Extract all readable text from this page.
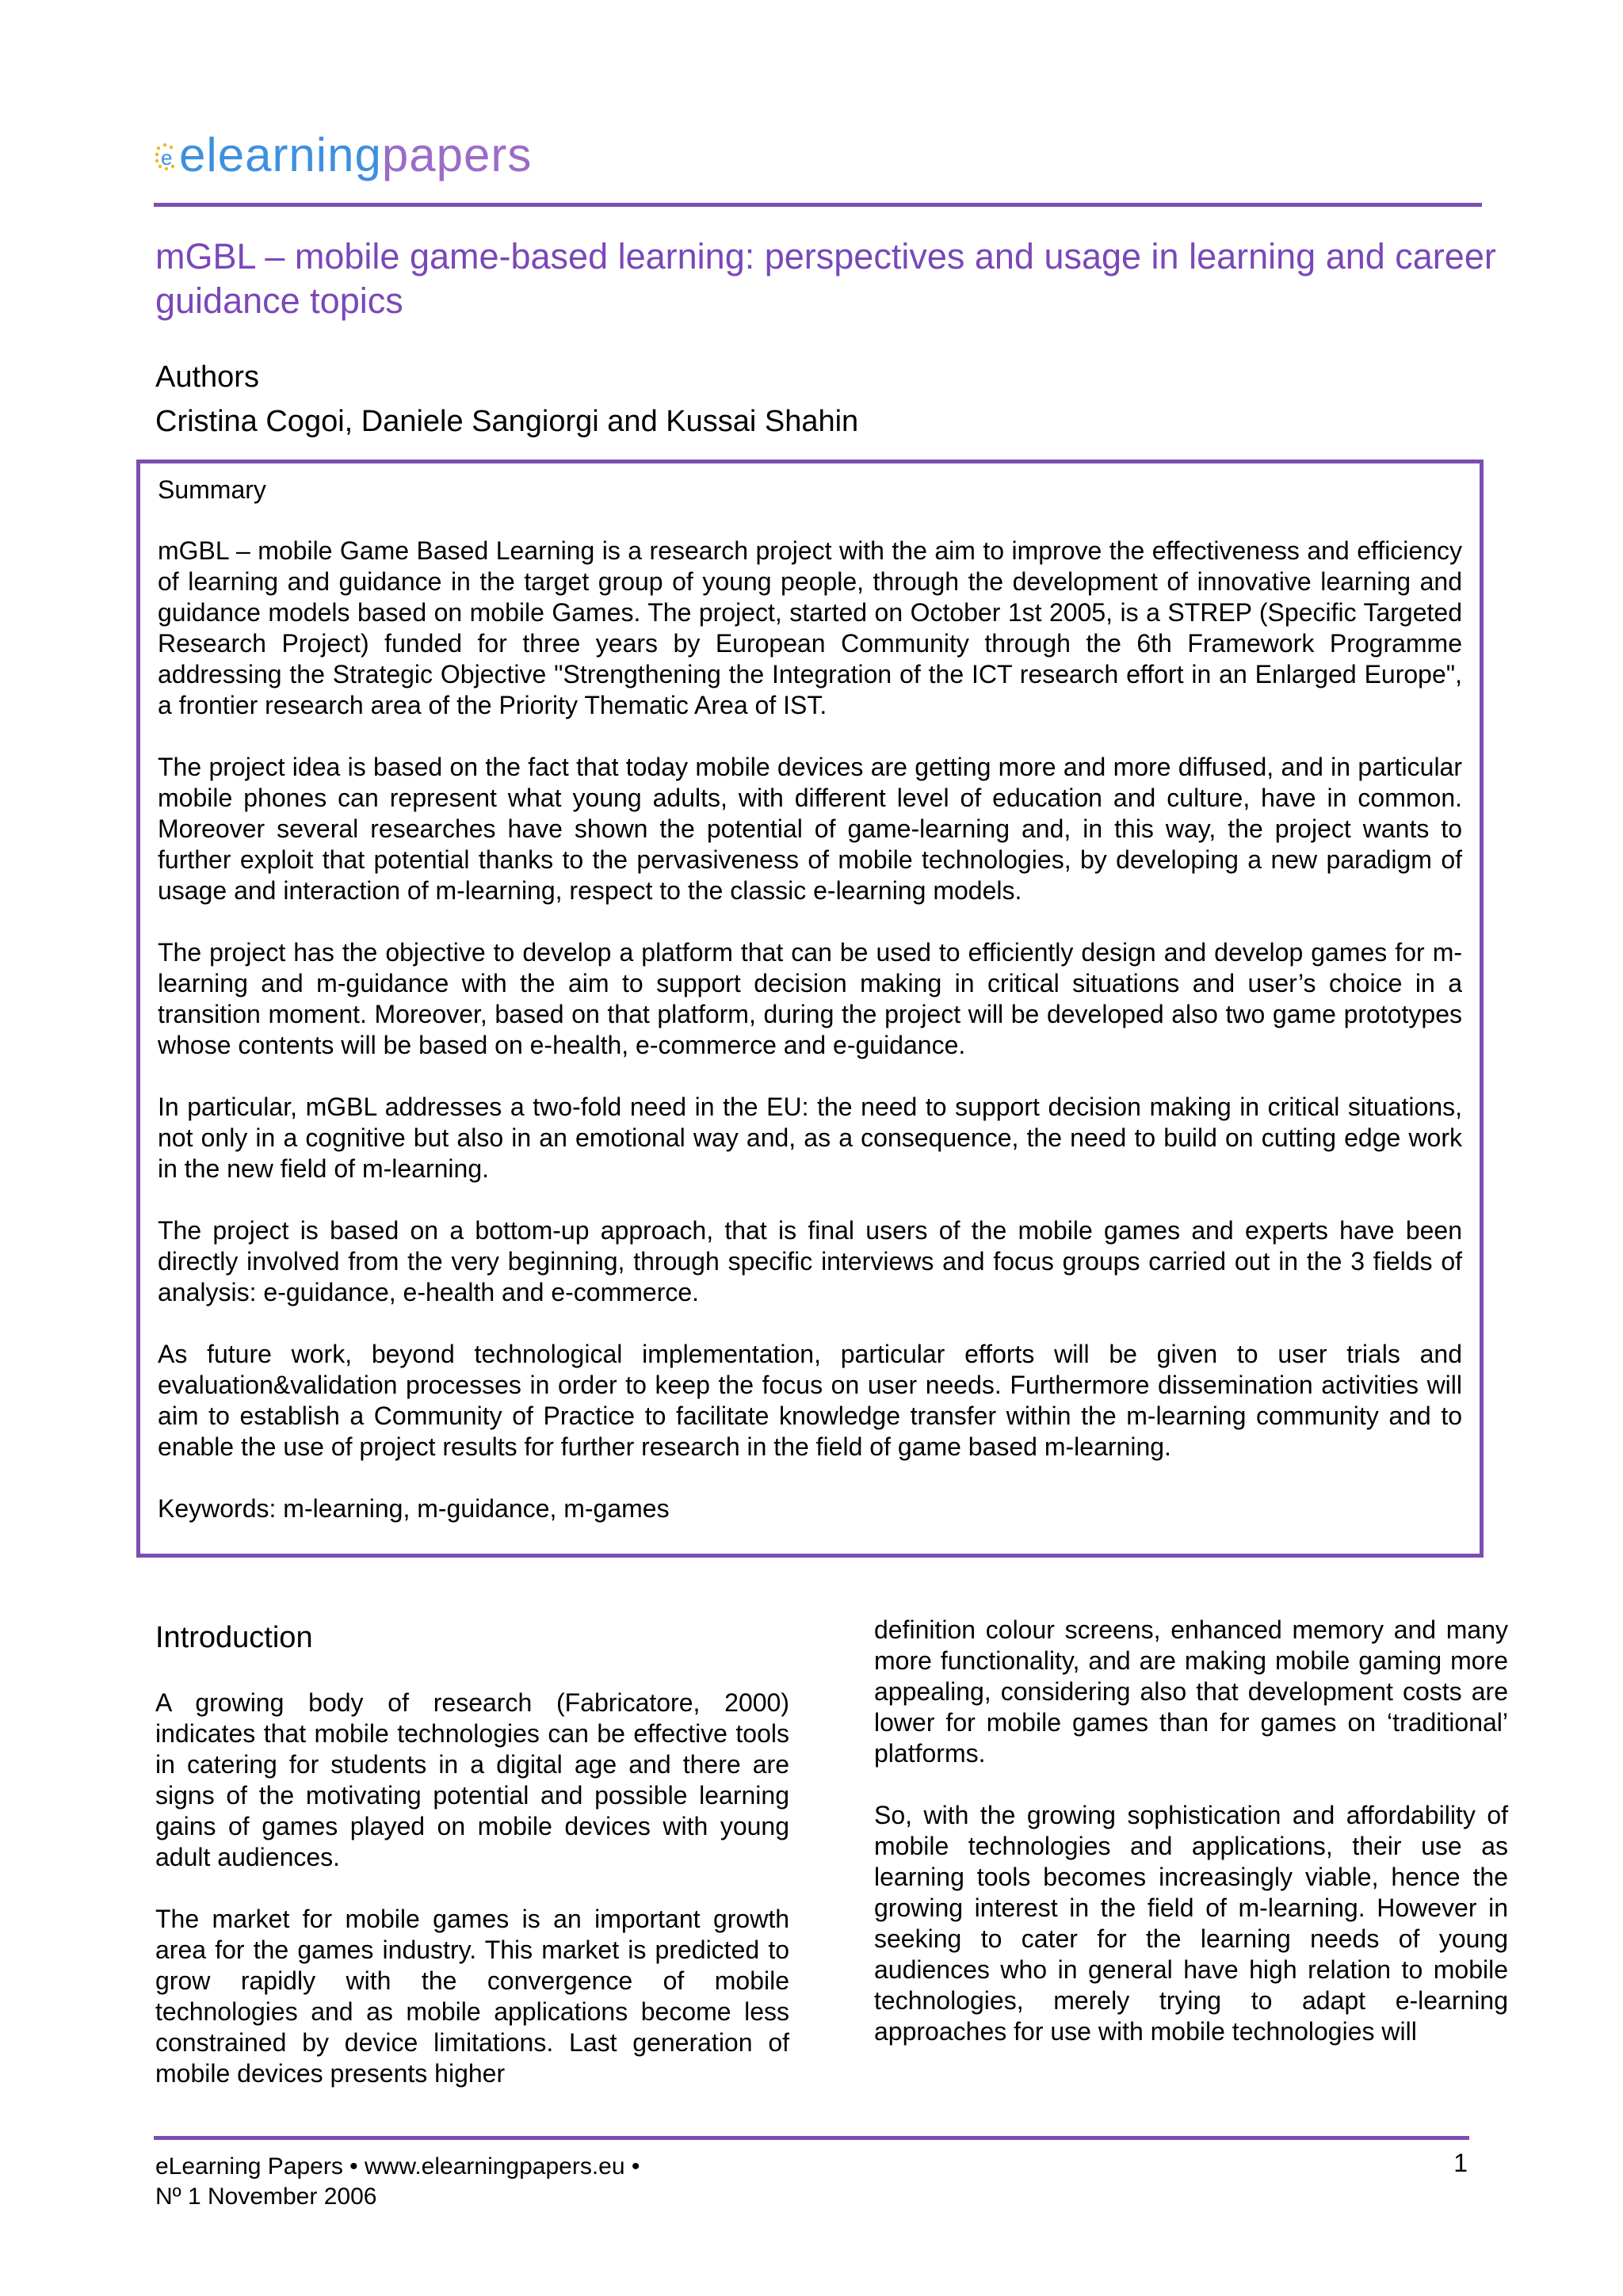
e elearning papers
mGBL – mobile game-based learning: perspectives and usage in learning and career guidance topics
Authors
Cristina Cogoi, Daniele Sangiorgi and Kussai Shahin
Summary

mGBL – mobile Game Based Learning is a research project with the aim to improve the effectiveness and efficiency of learning and guidance in the target group of young people, through the development of innovative learning and guidance models based on mobile Games. The project, started on October 1st 2005, is a STREP (Specific Targeted Research Project) funded for three years by European Community through the 6th Framework Programme addressing the Strategic Objective "Strengthening the Integration of the ICT research effort in an Enlarged Europe", a frontier research area of the Priority Thematic Area of IST.

The project idea is based on the fact that today mobile devices are getting more and more diffused, and in particular mobile phones can represent what young adults, with different level of education and culture, have in common. Moreover several researches have shown the potential of game-learning and, in this way, the project wants to further exploit that potential thanks to the pervasiveness of mobile technologies, by developing a new paradigm of usage and interaction of m-learning, respect to the classic e-learning models.

The project has the objective to develop a platform that can be used to efficiently design and develop games for m-learning and m-guidance with the aim to support decision making in critical situations and user’s choice in a transition moment. Moreover, based on that platform, during the project will be developed also two game prototypes whose contents will be based on e-health, e-commerce and e-guidance.

In particular, mGBL addresses a two-fold need in the EU: the need to support decision making in critical situations, not only in a cognitive but also in an emotional way and, as a consequence, the need to build on cutting edge work in the new field of m-learning.

The project is based on a bottom-up approach, that is final users of the mobile games and experts have been directly involved from the very beginning, through specific interviews and focus groups carried out in the 3 fields of analysis: e-guidance, e-health and e-commerce.

As future work, beyond technological implementation, particular efforts will be given to user trials and evaluation&validation processes in order to keep the focus on user needs. Furthermore dissemination activities will aim to establish a Community of Practice to facilitate knowledge transfer within the m-learning community and to enable the use of project results for further research in the field of game based m-learning.

Keywords: m-learning, m-guidance, m-games

Introduction

A growing body of research (Fabricatore, 2000) indicates that mobile technologies can be effective tools in catering for students in a digital age and there are signs of the motivating potential and possible learning gains of games played on mobile devices with young adult audiences.

The market for mobile games is an important growth area for the games industry. This market is predicted to grow rapidly with the convergence of mobile technologies and as mobile applications become less constrained by device limitations. Last generation of mobile devices presents higher

definition colour screens, enhanced memory and many more functionality, and are making mobile gaming more appealing, considering also that development costs are lower for mobile games than for games on ‘traditional’ platforms.

So, with the growing sophistication and affordability of mobile technologies and applications, their use as learning tools becomes increasingly viable, hence the growing interest in the field of m-learning. However in seeking to cater for the learning needs of young audiences who in general have high relation to mobile technologies, merely trying to adapt e-learning approaches for use with mobile technologies will

eLearning Papers • www.elearningpapers.eu •
Nº 1 November 2006
1
